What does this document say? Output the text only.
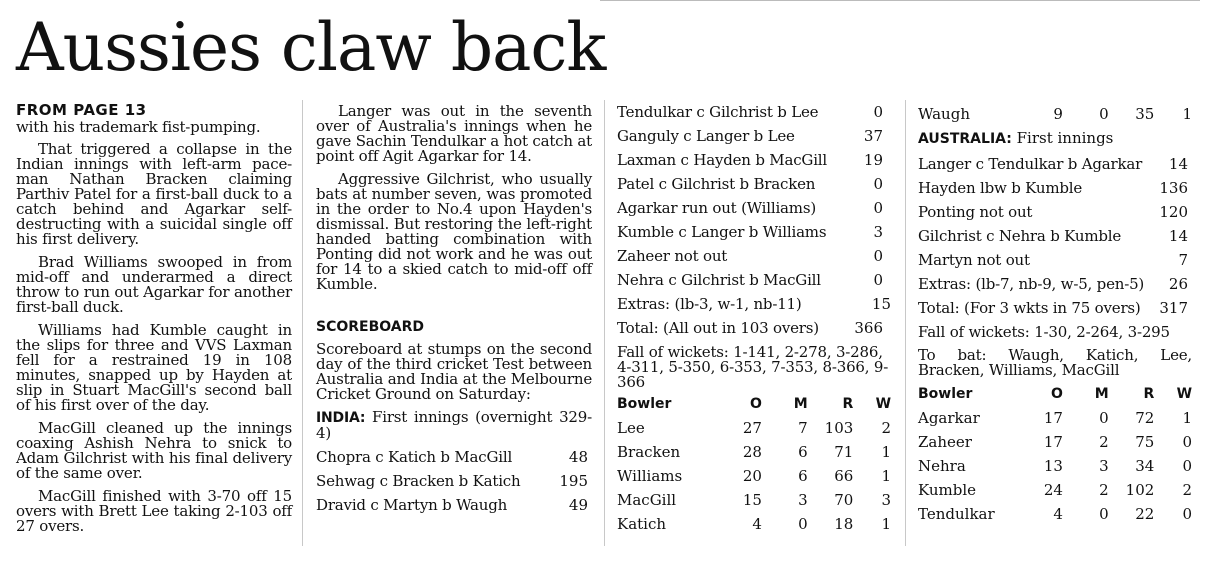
Aussies claw back
FROM PAGE 13

with his trademark fist-pumping.

That triggered a collapse in the Indian innings with left-arm pace-man Nathan Bracken claiming Parthiv Patel for a first-ball duck to a catch behind and Agarkar self-destructing with a suicidal single off his first delivery.

Brad Williams swooped in from mid-off and underarmed a direct throw to run out Agarkar for another first-ball duck.

Williams had Kumble caught in the slips for three and VVS Laxman fell for a restrained 19 in 108 minutes, snapped up by Hayden at slip in Stuart MacGill's second ball of his first over of the day.

MacGill cleaned up the innings coaxing Ashish Nehra to snick to Adam Gilchrist with his final delivery of the same over.

MacGill finished with 3-70 off 15 overs with Brett Lee taking 2-103 off 27 overs.

Langer was out in the seventh over of Australia's innings when he gave Sachin Tendulkar a hot catch at point off Agit Agarkar for 14.

Aggressive Gilchrist, who usually bats at number seven, was promoted in the order to No.4 upon Hayden's dismissal. But restoring the left-right handed batting combination with Ponting did not work and he was out for 14 to a skied catch to mid-off off Kumble.

SCOREBOARD

Scoreboard at stumps on the second day of the third cricket Test between Australia and India at the Melbourne Cricket Ground on Saturday:

INDIA: First innings (overnight 329-4)

Chopra c Katich b MacGill	48
Sehwag c Bracken b Katich	195
Dravid c Martyn b Waugh	49
Tendulkar c Gilchrist b Lee	0
Ganguly c Langer b Lee	37
Laxman c Hayden b MacGill 19
Patel c Gilchrist b Bracken	0
Agarkar run out (Williams)	0
Kumble c Langer b Williams	3
Zaheer not out	0
Nehra c Gilchrist b MacGill	0
Extras: (lb-3, w-1, nb-11)	15
Total: (All out in 103 overs) 366

Fall of wickets: 1-141, 2-278, 3-286, 4-311, 5-350, 6-353, 7-353, 8-366, 9-366

Bowler	O	M	R	W
Lee	27	7	103	2
Bracken	28	6	71	1
Williams	20	6	66	1
MacGill	15	3	70	3
Katich	4	0	18	1
Waugh	9	0	35	1
AUSTRALIA: First innings
Langer c Tendulkar b Agarkar 14
Hayden lbw b Kumble	136
Ponting not out	120
Gilchrist c Nehra b Kumble	14
Martyn not out	7
Extras: (lb-7, nb-9, w-5, pen-5) 26
Total: (For 3 wkts in 75 overs) 317
Fall of wickets: 1-30, 2-264, 3-295

To bat: Waugh, Katich, Lee, Bracken, Williams, MacGill

Bowler	O	M	R	W
Agarkar	17	0	72	1
Zaheer	17	2	75	0
Nehra	13	3	34	0
Kumble	24	2	102	2
Tendulkar	4	0	22	0
